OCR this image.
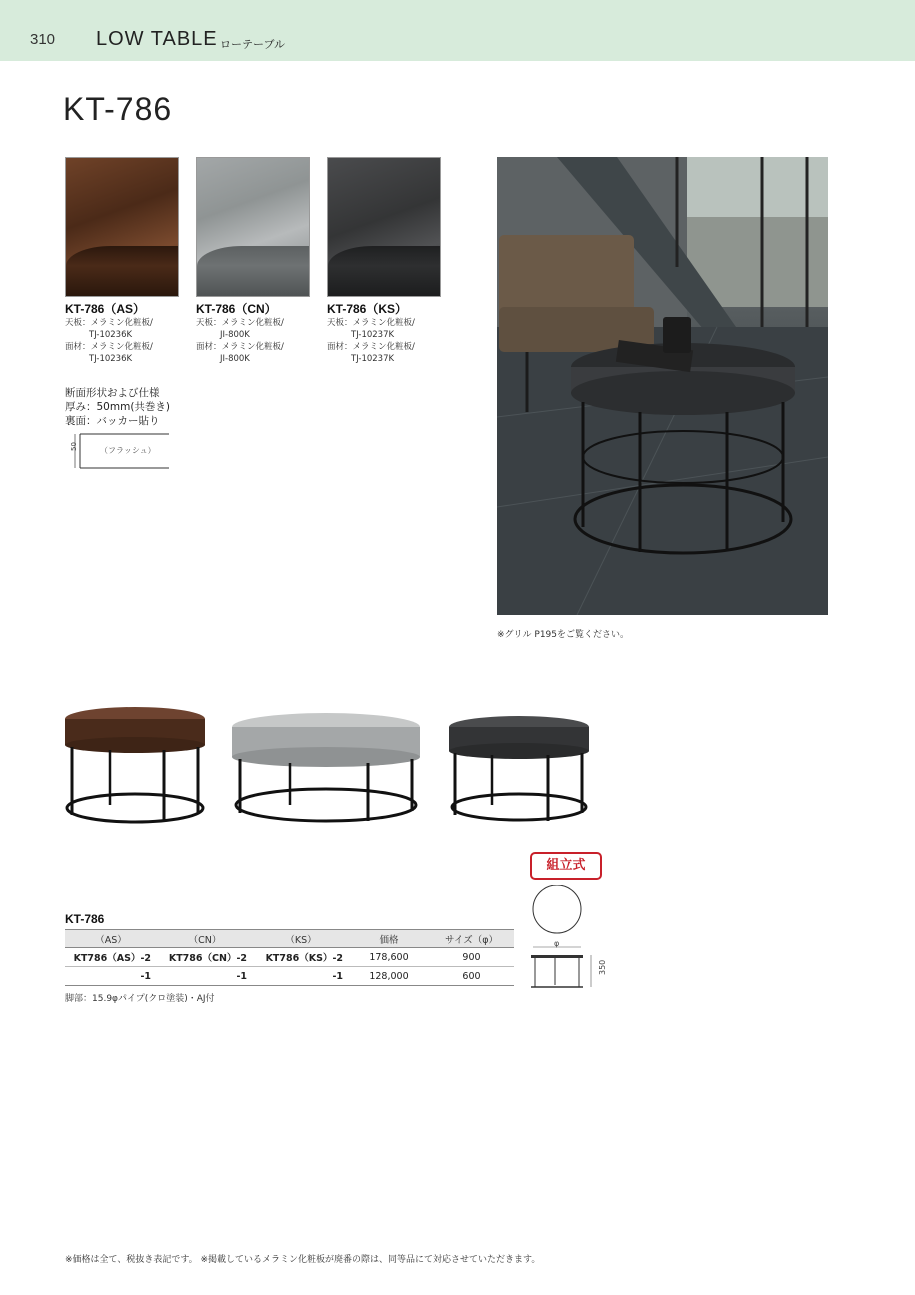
310 LOW TABLE ローテーブル
KT-786
KT-786（AS）
天板：メラミン化粧板/
TJ-10236K
面材：メラミン化粧板/
TJ-10236K
KT-786（CN）
天板：メラミン化粧板/
JI-800K
面材：メラミン化粧板/
JI-800K
KT-786（KS）
天板：メラミン化粧板/
TJ-10237K
面材：メラミン化粧板/
TJ-10237K
断面形状および仕様
厚み：50mm(共巻き)
裏面：バッカー貼り
50	（フラッシュ）
※グリル P195をご覧ください。
組立式
φ
350
KT-786
（AS）	（CN）	（KS）	価格	サイズ（φ）
KT786（AS）-2	KT786（CN）-2	KT786（KS）-2	178,600	900
-1	-1	-1	128,000	600
脚部：15.9φパイプ(クロ塗装)・AJ付
※価格は全て、税抜き表記です。 ※掲載しているメラミン化粧板が廃番の際は、同等品にて対応させていただきます。
